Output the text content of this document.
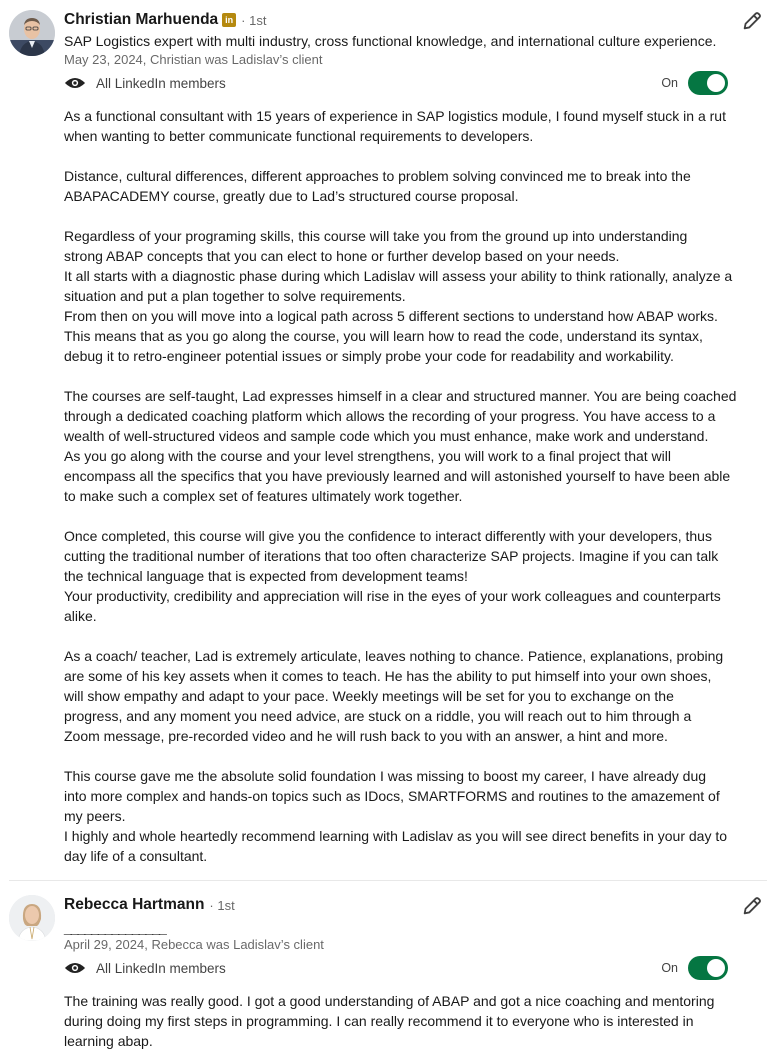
Christian Marhuenda in · 1st
SAP Logistics expert with multi industry, cross functional knowledge, and international culture experience.
May 23, 2024, Christian was Ladislav’s client
All LinkedIn members	On

As a functional consultant with 15 years of experience in SAP logistics module, I found myself stuck in a rut
when wanting to better communicate functional requirements to developers.

Distance, cultural differences, different approaches to problem solving convinced me to break into the
ABAPACADEMY course, greatly due to Lad’s structured course proposal.

Regardless of your programing skills, this course will take you from the ground up into understanding
strong ABAP concepts that you can elect to hone or further develop based on your needs.
It all starts with a diagnostic phase during which Ladislav will assess your ability to think rationally, analyze a
situation and put a plan together to solve requirements.
From then on you will move into a logical path across 5 different sections to understand how ABAP works.
This means that as you go along the course, you will learn how to read the code, understand its syntax,
debug it to retro-engineer potential issues or simply probe your code for readability and workability.

The courses are self-taught, Lad expresses himself in a clear and structured manner. You are being coached
through a dedicated coaching platform which allows the recording of your progress. You have access to a
wealth of well-structured videos and sample code which you must enhance, make work and understand.
As you go along with the course and your level strengthens, you will work to a final project that will
encompass all the specifics that you have previously learned and will astonished yourself to have been able
to make such a complex set of features ultimately work together.

Once completed, this course will give you the confidence to interact differently with your developers, thus
cutting the traditional number of iterations that too often characterize SAP projects. Imagine if you can talk
the technical language that is expected from development teams!
Your productivity, credibility and appreciation will rise in the eyes of your work colleagues and counterparts
alike.

As a coach/ teacher, Lad is extremely articulate, leaves nothing to chance. Patience, explanations, probing
are some of his key assets when it comes to teach. He has the ability to put himself into your own shoes,
will show empathy and adapt to your pace. Weekly meetings will be set for you to exchange on the
progress, and any moment you need advice, are stuck on a riddle, you will reach out to him through a
Zoom message, pre-recorded video and he will rush back to you with an answer, a hint and more.

This course gave me the absolute solid foundation I was missing to boost my career, I have already dug
into more complex and hands-on topics such as IDocs, SMARTFORMS and routines to the amazement of
my peers.
I highly and whole heartedly recommend learning with Ladislav as you will see direct benefits in your day to
day life of a consultant.

Rebecca Hartmann · 1st
_______________
April 29, 2024, Rebecca was Ladislav’s client
All LinkedIn members	On

The training was really good. I got a good understanding of ABAP and got a nice coaching and mentoring
during doing my first steps in programming. I can really recommend it to everyone who is interested in
learning abap.
